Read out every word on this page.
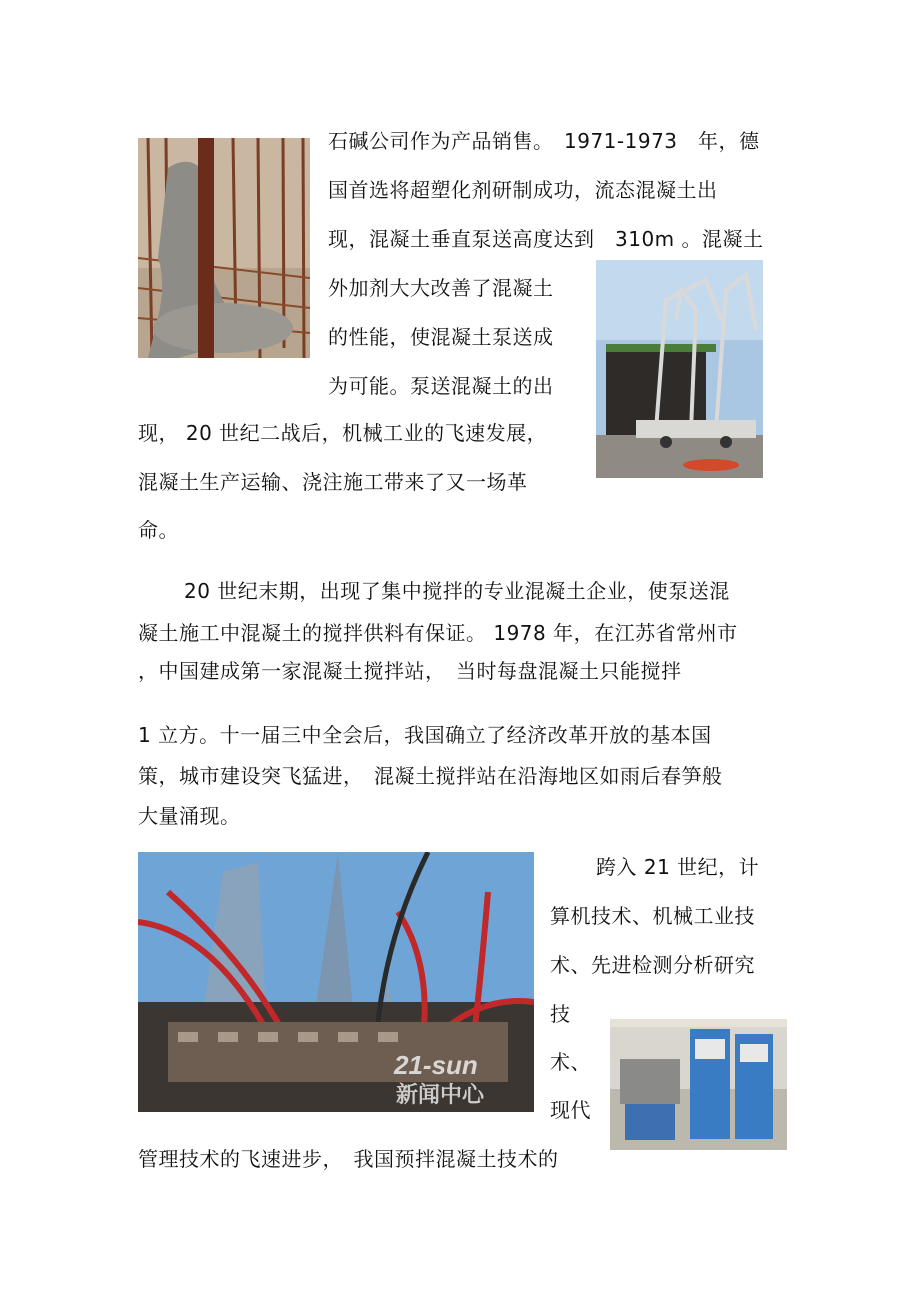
21-sun
新闻中心
石碱公司作为产品销售。　1971-1973　年，德
国首选将超塑化剂研制成功，流态混凝土出
现，混凝土垂直泵送高度达到　310m 。混凝土
外加剂大大改善了混凝土
的性能，使混凝土泵送成
为可能。泵送混凝土的出
现， 20 世纪二战后，机械工业的飞速发展，
混凝土生产运输、浇注施工带来了又一场革
命。
20 世纪末期，出现了集中搅拌的专业混凝土企业，使泵送混
凝土施工中混凝土的搅拌供料有保证。 1978 年，在江苏省常州市
，中国建成第一家混凝土搅拌站，　当时每盘混凝土只能搅拌
1 立方。十一届三中全会后，我国确立了经济改革开放的基本国
策，城市建设突飞猛进，　混凝土搅拌站在沿海地区如雨后春笋般
大量涌现。
跨入 21 世纪，计
算机技术、机械工业技
术、先进检测分析研究
技
术、
现代
管理技术的飞速进步，　我国预拌混凝土技术的
